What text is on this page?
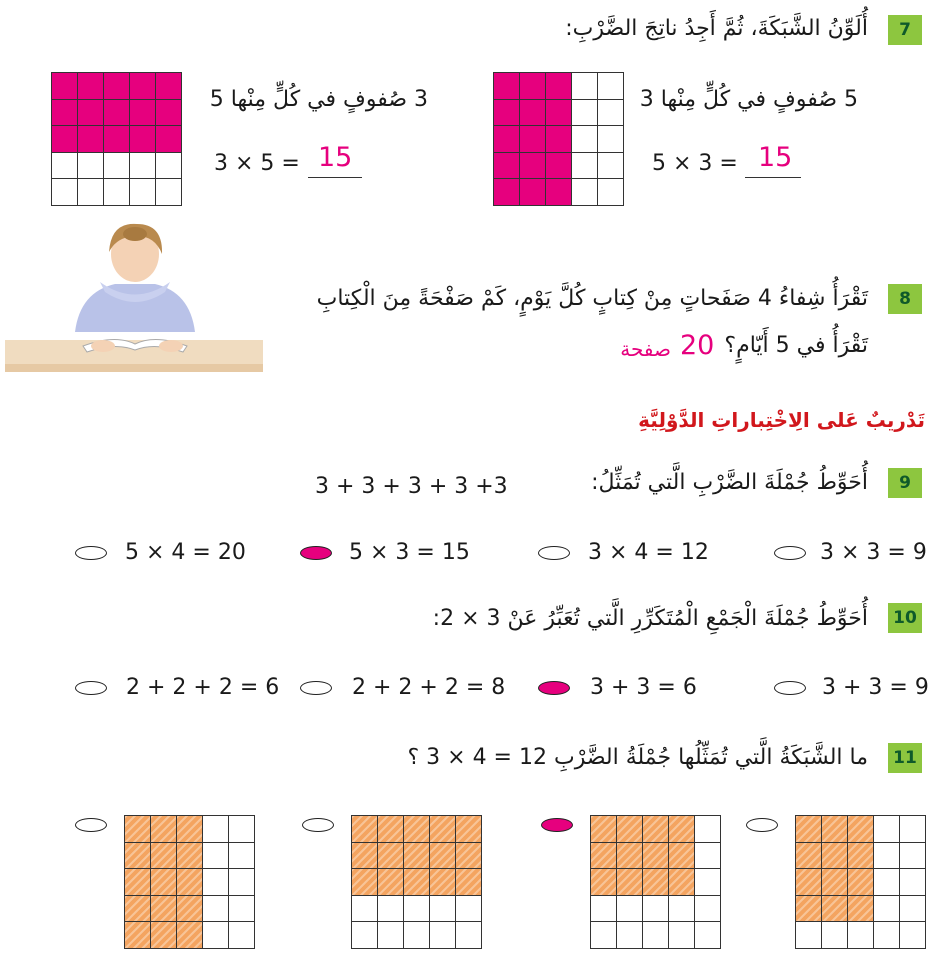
7
أُلَوِّنُ الشَّبَكَةَ، ثُمَّ أَجِدُ ناتِجَ الضَّرْبِ:
5 صُفوفٍ في كُلٍّ مِنْها 3
5 × 3 = 15
3 صُفوفٍ في كُلٍّ مِنْها 5
3 × 5 = 15
8
تَقْرَأُ شِفاءُ 4 صَفَحاتٍ مِنْ كِتابٍ كُلَّ يَوْمٍ، كَمْ صَفْحَةً مِنَ الْكِتابِ
تَقْرَأُ في 5 أَيّامٍ؟
20
صفحة
تَدْريبٌ عَلى الِاخْتِباراتِ الدَّوْلِيَّةِ
9
أُحَوِّطُ جُمْلَةَ الضَّرْبِ الَّتي تُمَثِّلُ:
3 + 3 + 3 + 3 +3
3 × 3 = 9
3 × 4 = 12
5 × 3 = 15
5 × 4 = 20
10
أُحَوِّطُ جُمْلَةَ الْجَمْعِ الْمُتَكَرِّرِ الَّتي تُعَبِّرُ عَنْ 3 × 2:
3 + 3 = 9
3 + 3 = 6
2 + 2 + 2 = 8
2 + 2 + 2 = 6
11
ما الشَّبَكَةُ الَّتي تُمَثِّلُها جُمْلَةُ الضَّرْبِ 12 = 4 × 3 ؟
